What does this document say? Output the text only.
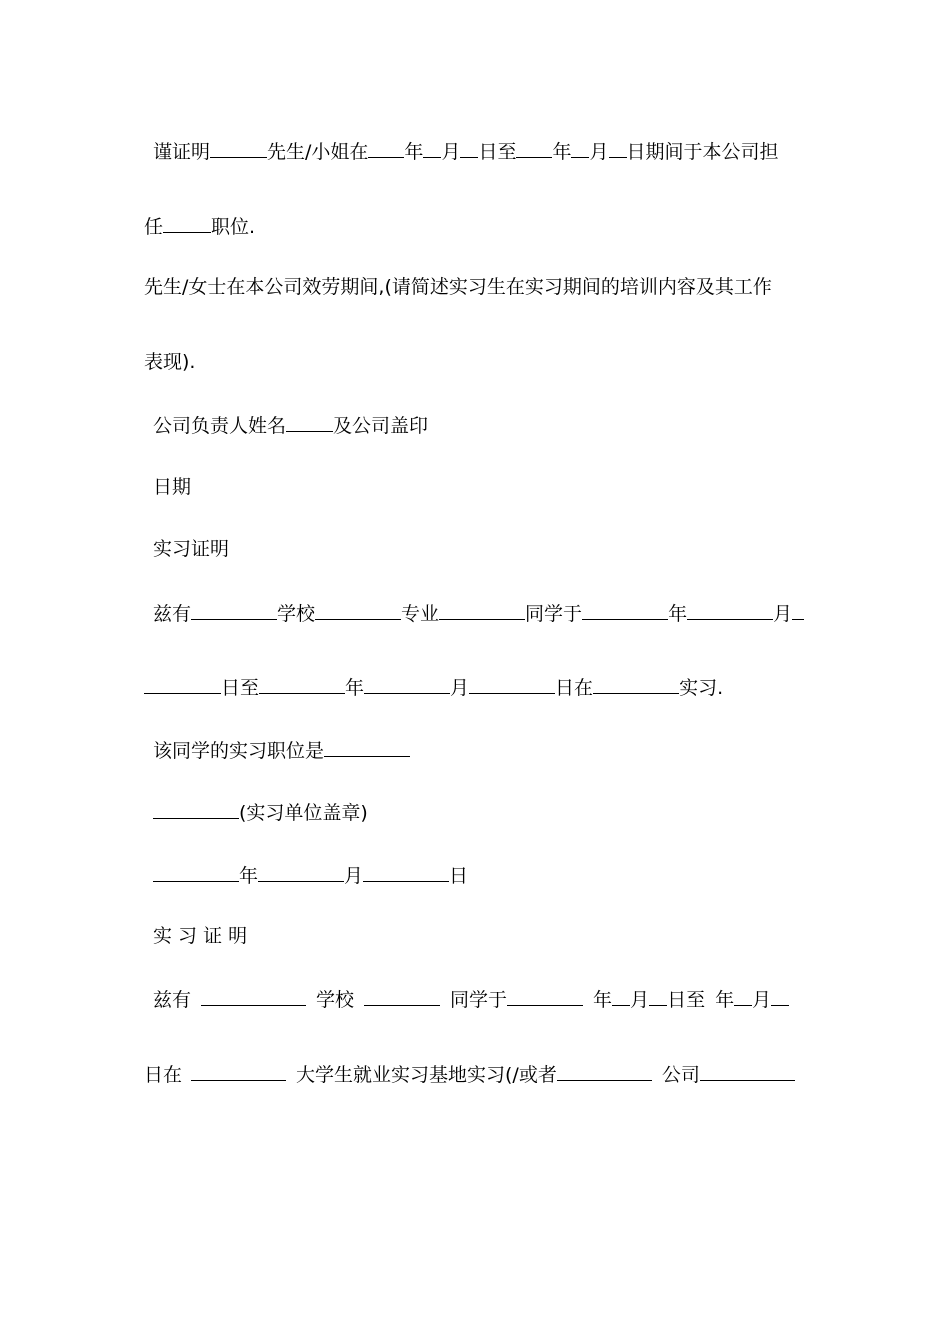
谨证明	先生/小姐在 年 月 日至 年 月 日期间于本公司担
任	职位.
先生/女士在本公司效劳期间,(请简述实习生在实习期间的培训内容及其工作
表现).
公司负责人姓名 及公司盖印
日期
实习证明
兹有	学校	专业	同学于	年	月
日至	年	月	日在	实习.
该同学的实习职位是
(实习单位盖章)
年	月	日
实 习 证 明
兹有	学校	同学于	年 月 日至 年 月
日在	大学生就业实习基地实习(/或者	公司
